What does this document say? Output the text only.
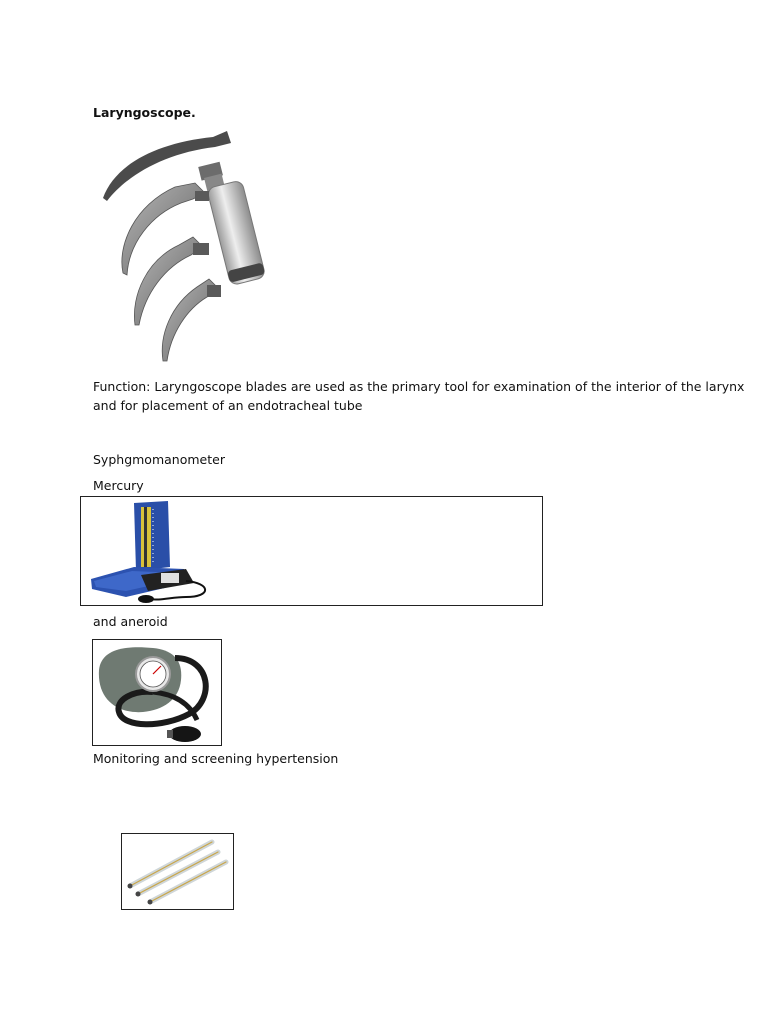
Laryngoscope.
Function: Laryngoscope blades are used as the primary tool for examination of the interior of the larynx
and for placement of an endotracheal tube
Syphgmomanometer
Mercury
and aneroid
Monitoring and screening hypertension
